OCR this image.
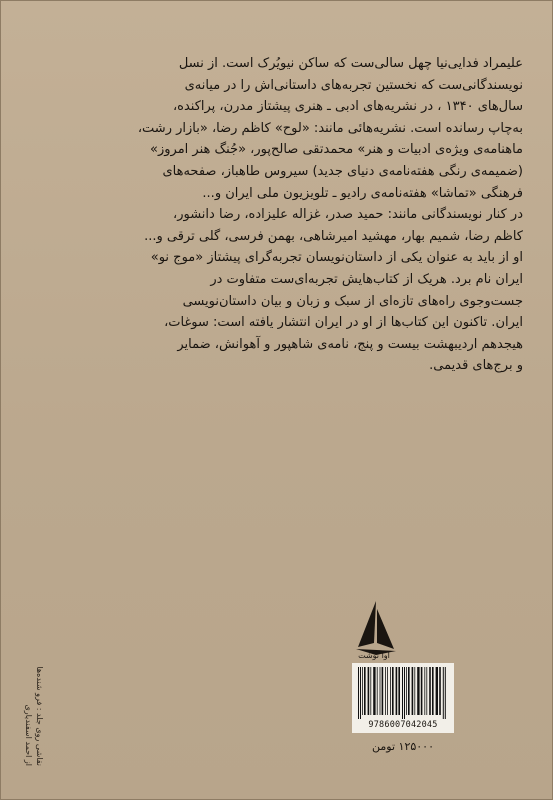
علیمراد فدایی‌نیا چهل سالی‌ست که ساکن نیویُرک است. از نسل
نویسندگانی‌ست که نخستین تجربه‌های داستانی‌اش را در میانه‌ی
سال‌های ۱۳۴۰ ، در نشریه‌های ادبی ـ هنری پیشتاز مدرن، پراکنده،
به‌چاپ رسانده است. نشریه‌هائی مانند: «لوح» کاظم رضا، «بازار رشت،
ماهنامه‌ی ویژه‌ی ادبیات و هنر» محمدتقی صالح‌پور، «جُنگ هنر امروز»
(ضمیمه‌ی رنگی هفته‌نامه‌ی دنیای جدید) سیروس طاهباز، صفحه‌های
فرهنگی «تماشا» هفته‌نامه‌ی رادیو ـ تلویزیون ملی ایران و...
در کنار نویسندگانی مانند: حمید صدر، غزاله علیزاده، رضا دانشور،
کاظم رضا، شمیم بهار، مهشید امیرشاهی، بهمن فرسی، گلی ترقی و...
او از باید به عنوان یکی از داستان‌نویسان تجربه‌گرای پیشتاز «موج نو»
ایران نام برد. هریک از کتاب‌هایش تجربه‌ای‌ست متفاوت در
جست‌وجوی راه‌های تازه‌ای از سبک و زبان و بیان داستان‌نویسی
ایران. تاکنون این کتاب‌ها از او در ایران انتشار یافته است: سوغات،
هیجدهم اردیبهشت بیست و پنج، نامه‌ی شاهپور و آهوانش، ضمایر
و برج‌های قدیمی.

نقاشی روی جلد : فرو شنده‌ها
از احمد اسفندیاری
آوا نوشت
9786007042045
۱۲۵۰۰۰ تومن
